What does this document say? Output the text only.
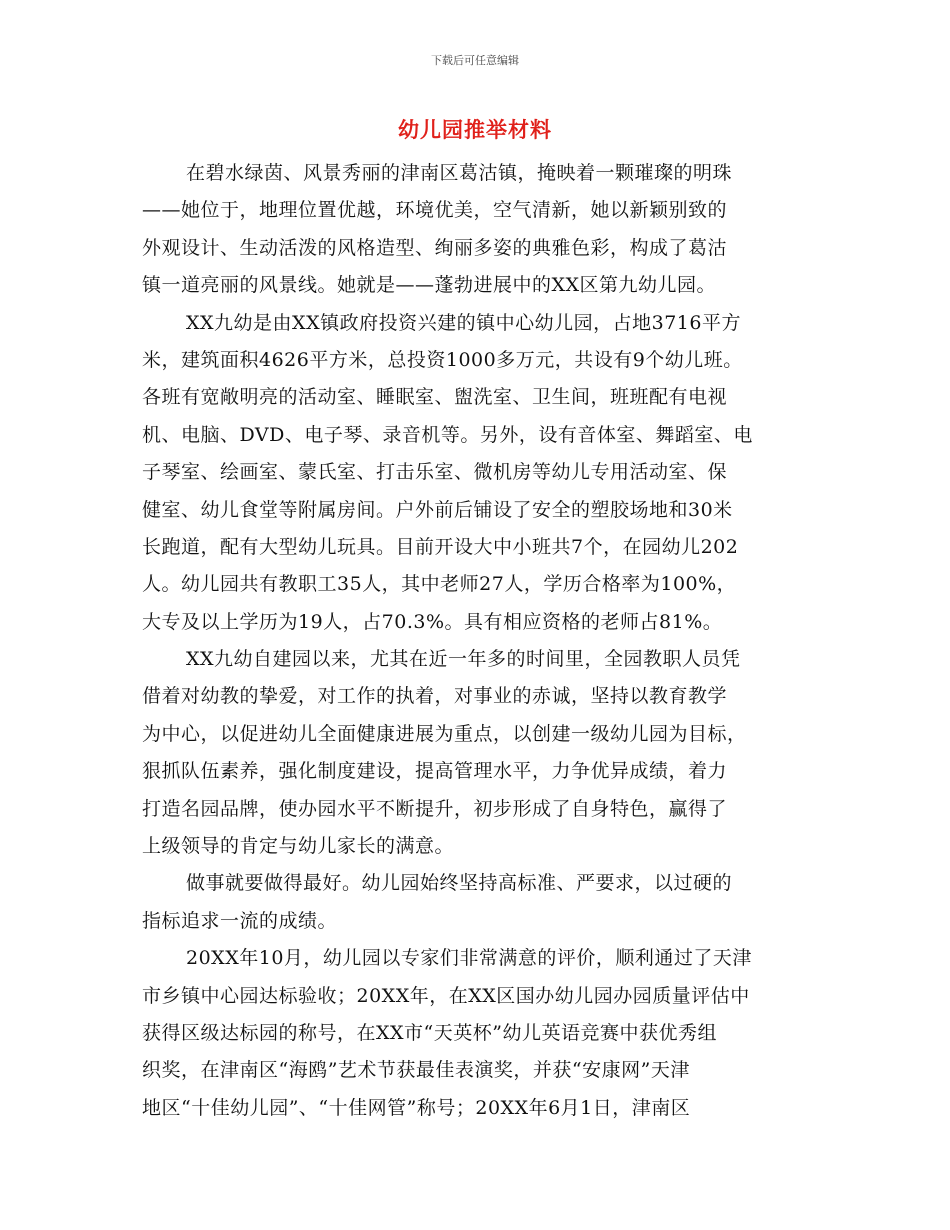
下载后可任意编辑
幼儿园推举材料
在碧水绿茵、风景秀丽的津南区葛沽镇，掩映着一颗璀璨的明珠
——她位于，地理位置优越，环境优美，空气清新，她以新颖别致的
外观设计、生动活泼的风格造型、绚丽多姿的典雅色彩，构成了葛沽
镇一道亮丽的风景线。她就是——蓬勃进展中的XX区第九幼儿园。
XX九幼是由XX镇政府投资兴建的镇中心幼儿园，占地3716平方
米，建筑面积4626平方米，总投资1000多万元，共设有9个幼儿班。
各班有宽敞明亮的活动室、睡眠室、盥洗室、卫生间，班班配有电视
机、电脑、DVD、电子琴、录音机等。另外，设有音体室、舞蹈室、电
子琴室、绘画室、蒙氏室、打击乐室、微机房等幼儿专用活动室、保
健室、幼儿食堂等附属房间。户外前后铺设了安全的塑胶场地和30米
长跑道，配有大型幼儿玩具。目前开设大中小班共7个，在园幼儿202
人。幼儿园共有教职工35人，其中老师27人，学历合格率为100%，
大专及以上学历为19人，占70.3%。具有相应资格的老师占81%。
XX九幼自建园以来，尤其在近一年多的时间里，全园教职人员凭
借着对幼教的挚爱，对工作的执着，对事业的赤诚，坚持以教育教学
为中心，以促进幼儿全面健康进展为重点，以创建一级幼儿园为目标，
狠抓队伍素养，强化制度建设，提高管理水平，力争优异成绩，着力
打造名园品牌，使办园水平不断提升，初步形成了自身特色，赢得了
上级领导的肯定与幼儿家长的满意。
做事就要做得最好。幼儿园始终坚持高标准、严要求，以过硬的
指标追求一流的成绩。
20XX年10月，幼儿园以专家们非常满意的评价，顺利通过了天津
市乡镇中心园达标验收；20XX年，在XX区国办幼儿园办园质量评估中
获得区级达标园的称号，在XX市“天英杯”幼儿英语竞赛中获优秀组
织奖，在津南区“海鸥”艺术节获最佳表演奖，并获“安康网”天津
地区“十佳幼儿园”、“十佳网管”称号；20XX年6月1日，津南区
